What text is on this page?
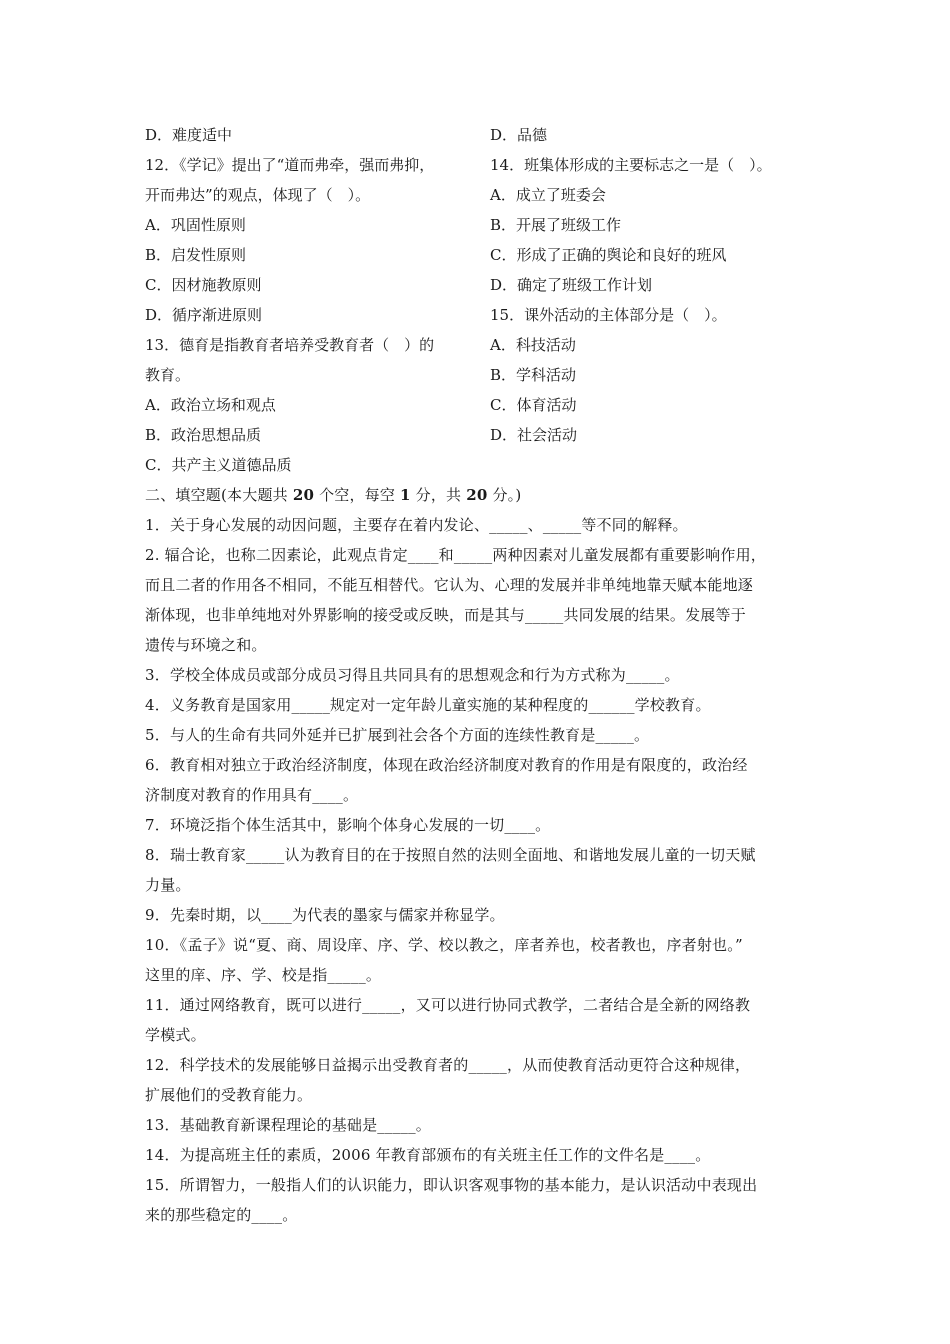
D．难度适中
12．《学记》提出了“道而弗牵，强而弗抑，
开而弗达”的观点，体现了（　）。
A．巩固性原则
B．启发性原则
C．因材施教原则
D．循序渐进原则
13．德育是指教育者培养受教育者（　）的
教育。
A．政治立场和观点
B．政治思想品质
C．共产主义道德品质
D．品德
14．班集体形成的主要标志之一是（　）。
A．成立了班委会
B．开展了班级工作
C．形成了正确的舆论和良好的班风
D．确定了班级工作计划
15．课外活动的主体部分是（　）。
A．科技活动
B．学科活动
C．体育活动
D．社会活动
二、填空题(本大题共 20 个空，每空 1 分，共 20 分。)
1．关于身心发展的动因问题，主要存在着内发论、_____、_____等不同的解释。
2. 辐合论，也称二因素论，此观点肯定____和_____两种因素对儿童发展都有重要影响作用，
而且二者的作用各不相同，不能互相替代。它认为、心理的发展并非单纯地靠天赋本能地逐
渐体现，也非单纯地对外界影响的接受或反映，而是其与_____共同发展的结果。发展等于
遗传与环境之和。
3．学校全体成员或部分成员习得且共同具有的思想观念和行为方式称为_____。
4．义务教育是国家用_____规定对一定年龄儿童实施的某种程度的______学校教育。
5．与人的生命有共同外延并已扩展到社会各个方面的连续性教育是_____。
6．教育相对独立于政治经济制度，体现在政治经济制度对教育的作用是有限度的，政治经
济制度对教育的作用具有____。
7．环境泛指个体生活其中，影响个体身心发展的一切____。
8．瑞士教育家_____认为教育目的在于按照自然的法则全面地、和谐地发展儿童的一切天赋
力量。
9．先秦时期，以____为代表的墨家与儒家并称显学。
10．《孟子》说“夏、商、周设庠、序、学、校以教之，庠者养也，校者教也，序者射也。”
这里的庠、序、学、校是指_____。
11．通过网络教育，既可以进行_____，又可以进行协同式教学，二者结合是全新的网络教
学模式。
12．科学技术的发展能够日益揭示出受教育者的_____，从而使教育活动更符合这种规律，
扩展他们的受教育能力。
13．基础教育新课程理论的基础是_____。
14．为提高班主任的素质，2006 年教育部颁布的有关班主任工作的文件名是____。
15．所谓智力，一般指人们的认识能力，即认识客观事物的基本能力，是认识活动中表现出
来的那些稳定的____。
